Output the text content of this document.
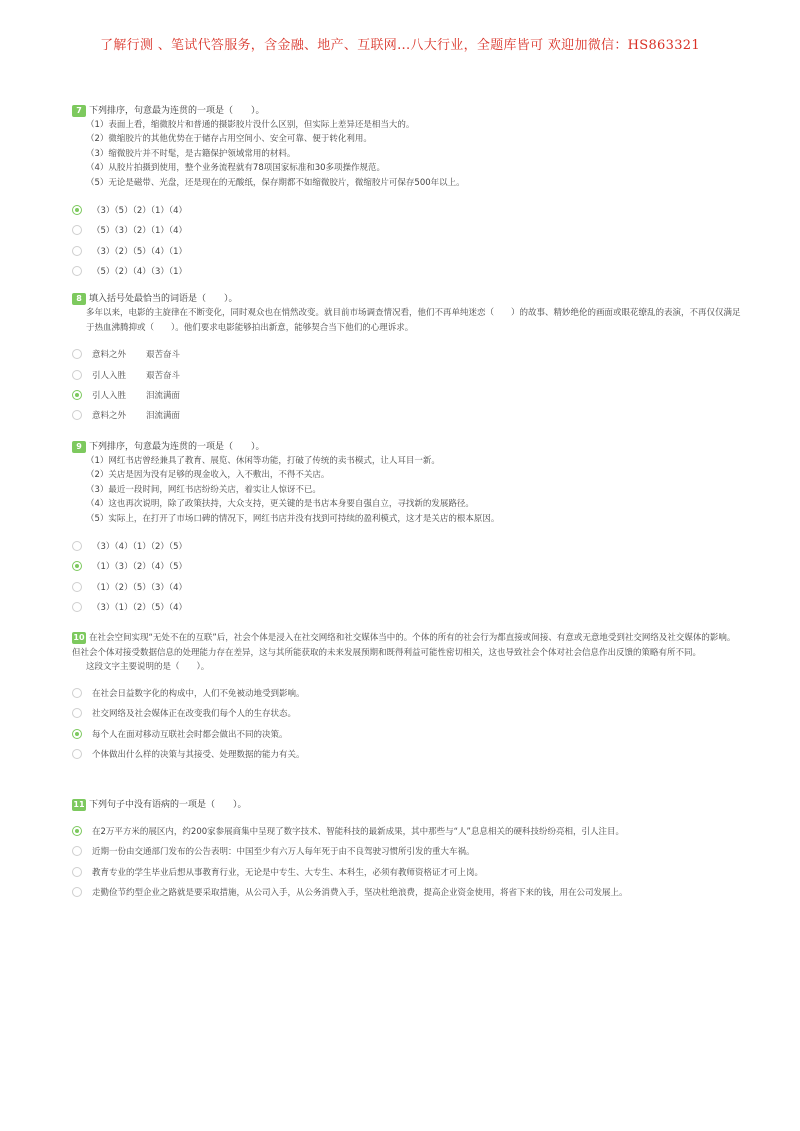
了解行测 、笔试代答服务，含金融、地产、互联网...八大行业，全题库皆可 欢迎加微信：HS863321
7 下列排序，句意最为连贯的一项是（　　）。
（1）表面上看，缩微胶片和普通的摄影胶片没什么区别，但实际上差异还是相当大的。
（2）微缩胶片的其他优势在于储存占用空间小、安全可靠、便于转化利用。
（3）缩微胶片并不时髦，是古籍保护领域常用的材料。
（4）从胶片拍摄到使用，整个业务流程就有78项国家标准和30多项操作规范。
（5）无论是磁带、光盘，还是现在的无酸纸，保存期都不如缩微胶片，微缩胶片可保存500年以上。
（3）（5）（2）（1）（4）
（5）（3）（2）（1）（4）
（3）（2）（5）（4）（1）
（5）（2）（4）（3）（1）
8 填入括号处最恰当的词语是（　　）。
多年以来，电影的主旋律在不断变化，同时观众也在悄然改变。就目前市场调查情况看，他们不再单纯迷恋（　　）的故事、精妙绝伦的画面或眼花缭乱的表演，不再仅仅满足于热血沸腾抑或（　　）。他们要求电影能够拍出新意，能够契合当下他们的心理诉求。
意料之外 艰苦奋斗
引人入胜 艰苦奋斗
引人入胜 泪流满面
意料之外 泪流满面
9 下列排序，句意最为连贯的一项是（　　）。
（1）网红书店曾经兼具了教育、展览、休闲等功能，打破了传统的卖书模式，让人耳目一新。
（2）关店是因为没有足够的现金收入，入不敷出，不得不关店。
（3）最近一段时间，网红书店纷纷关店，着实让人惊讶不已。
（4）这也再次说明，除了政策扶持，大众支持，更关键的是书店本身要自强自立，寻找新的发展路径。
（5）实际上，在打开了市场口碑的情况下，网红书店并没有找到可持续的盈利模式，这才是关店的根本原因。
（3）（4）（1）（2）（5）
（1）（3）（2）（4）（5）
（1）（2）（5）（3）（4）
（3）（1）（2）（5）（4）
10 在社会空间实现“无处不在的互联”后，社会个体是浸入在社交网络和社交媒体当中的。个体的所有的社会行为都直接或间接、有意或无意地受到社交网络及社交媒体的影响。但社会个体对接受数据信息的处理能力存在差异，这与其所能获取的未来发展预期和既得利益可能性密切相关，这也导致社会个体对社会信息作出反馈的策略有所不同。
这段文字主要说明的是（　　）。
在社会日益数字化的构成中，人们不免被动地受到影响。
社交网络及社会媒体正在改变我们每个人的生存状态。
每个人在面对移动互联社会时都会做出不同的决策。
个体做出什么样的决策与其接受、处理数据的能力有关。
11 下列句子中没有语病的一项是（　　）。
在2万平方米的展区内，约200家参展商集中呈现了数字技术、智能科技的最新成果，其中那些与“人”息息相关的硬科技纷纷亮相，引人注目。
近期一份由交通部门发布的公告表明：中国至少有六万人每年死于由不良驾驶习惯所引发的重大车祸。
教育专业的学生毕业后想从事教育行业，无论是中专生、大专生、本科生，必须有教师资格证才可上岗。
走勤俭节约型企业之路就是要采取措施，从公司入手，从公务消费入手，坚决杜绝浪费，提高企业资金使用，将省下来的钱，用在公司发展上。
